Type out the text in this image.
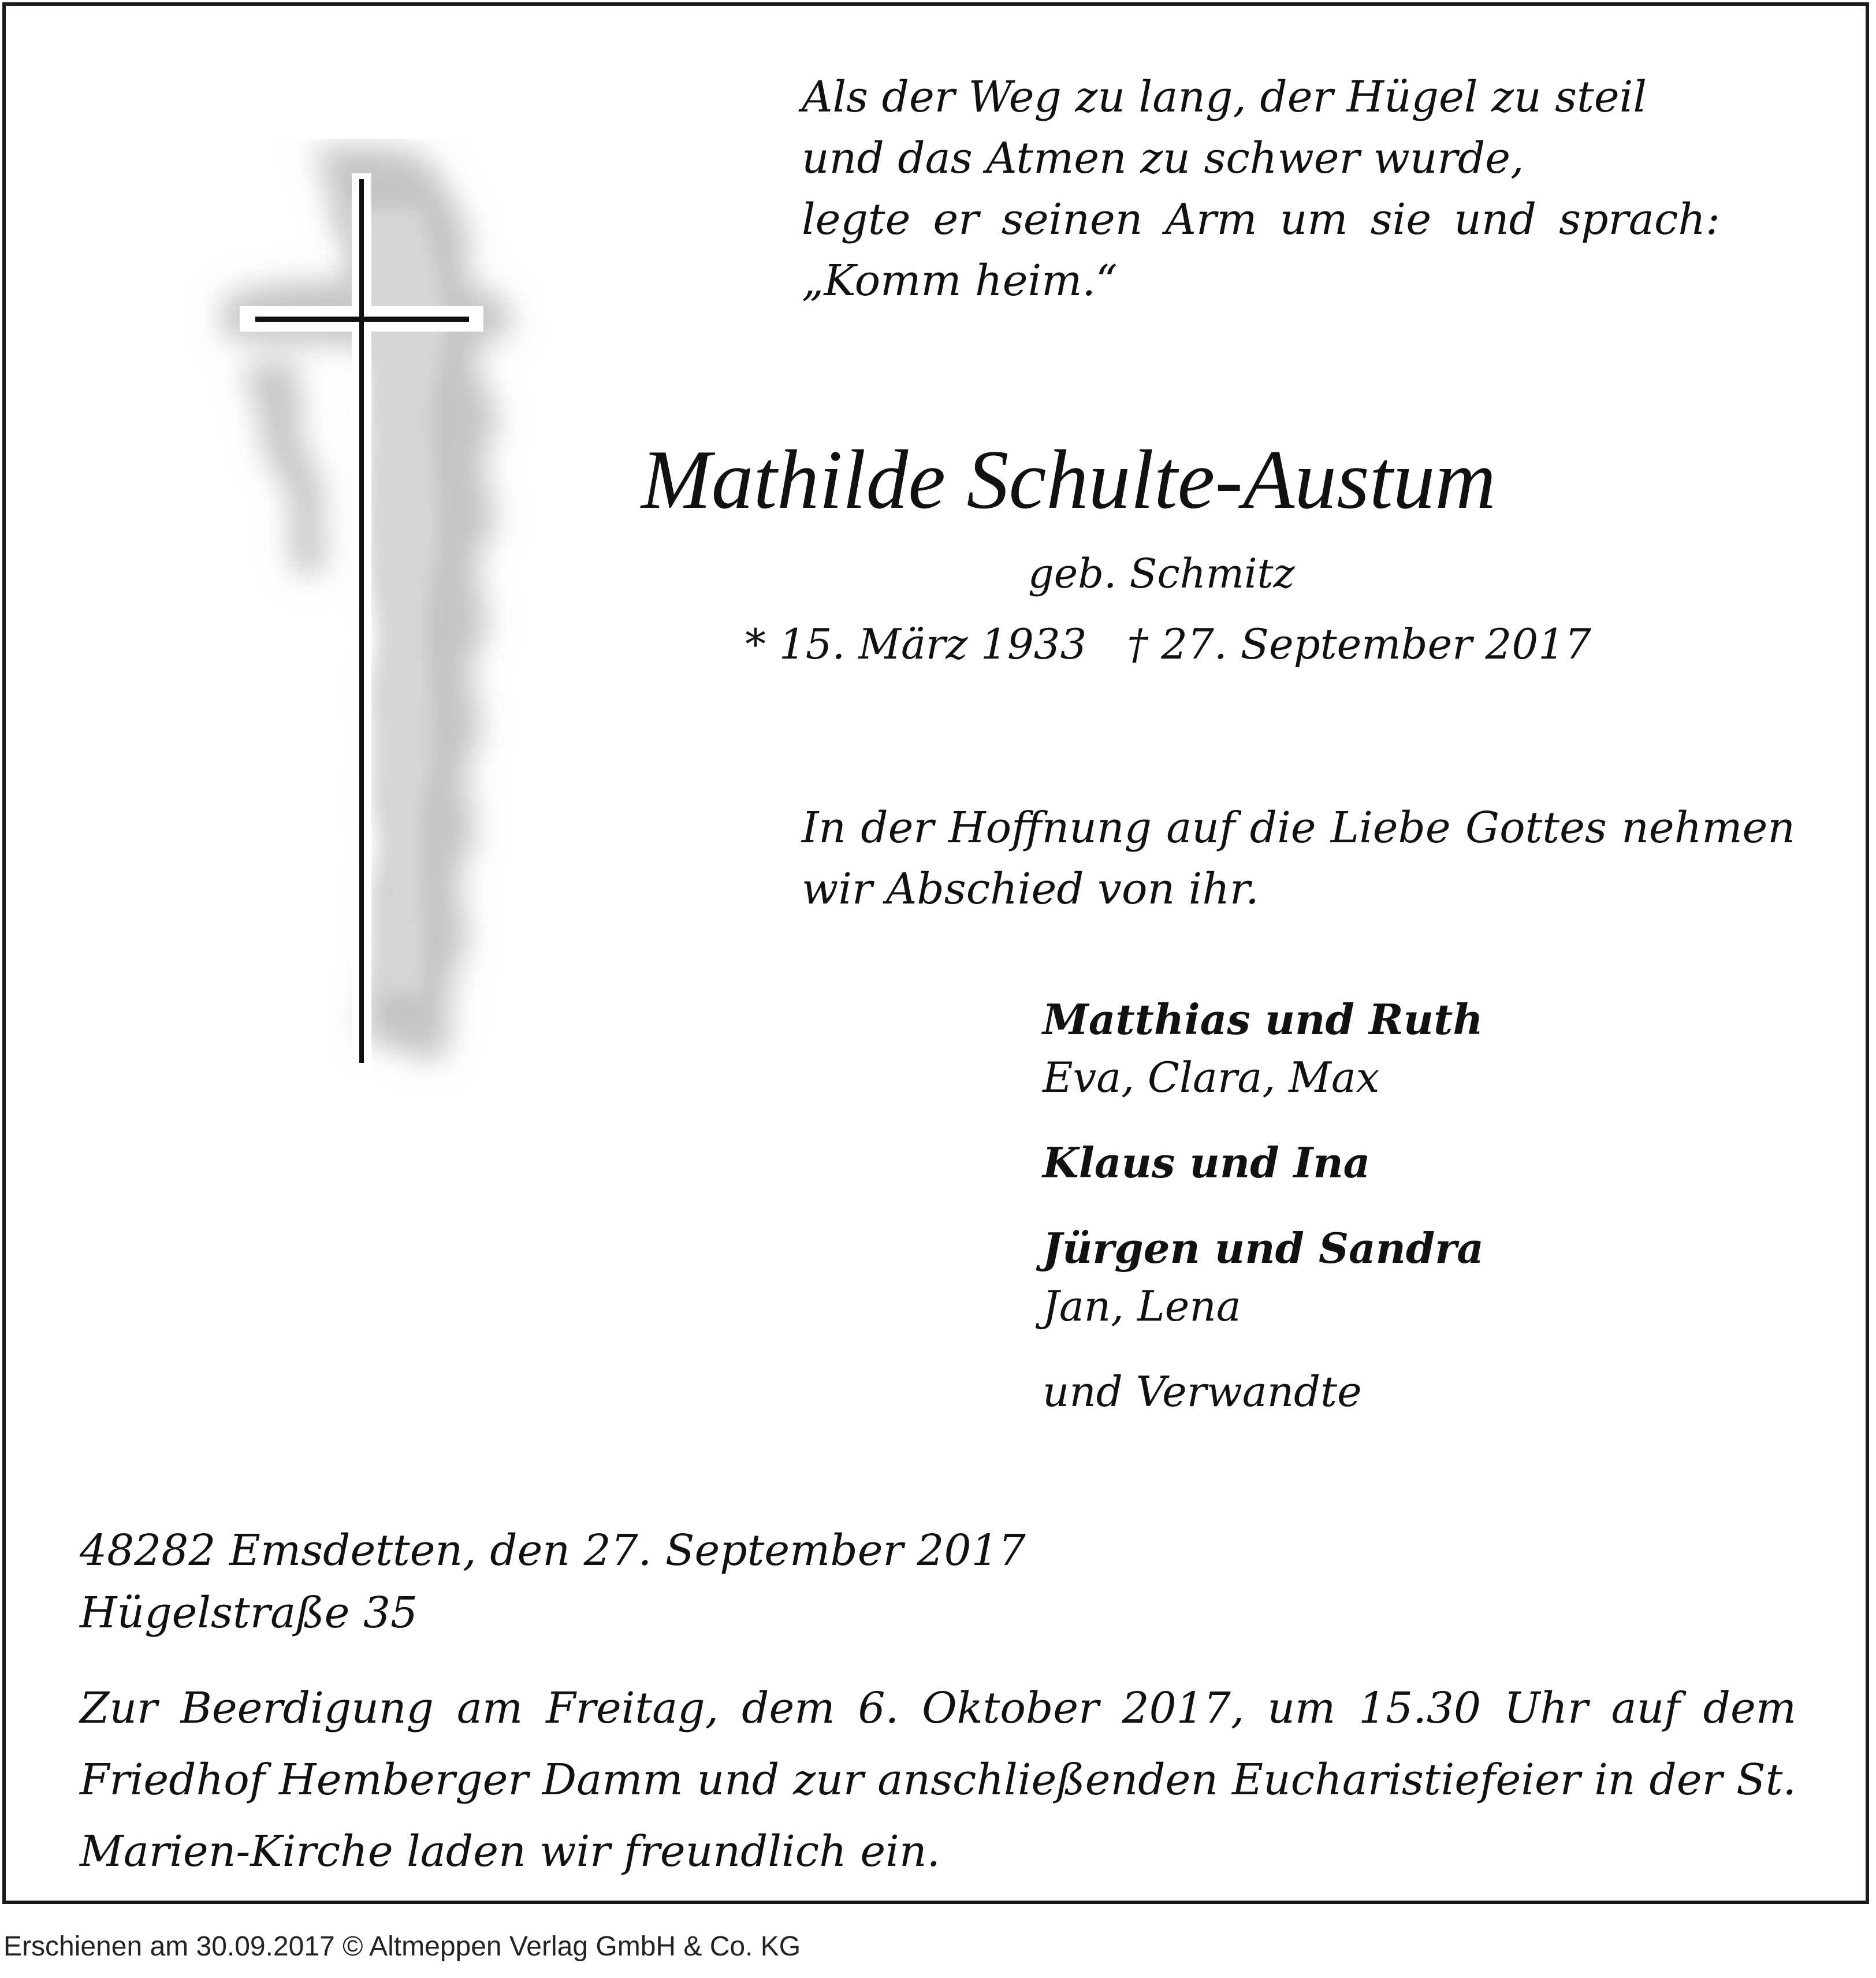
Als der Weg zu lang, der Hügel zu steil
und das Atmen zu schwer wurde,
legte er seinen Arm um sie und sprach:
„Komm heim.“
Mathilde Schulte-Austum
geb. Schmitz
* 15. März 1933 † 27. September 2017
In der Hoffnung auf die Liebe Gottes nehmen
wir Abschied von ihr.
Matthias und Ruth
Eva, Clara, Max
Klaus und Ina
Jürgen und Sandra
Jan, Lena
und Verwandte
48282 Emsdetten, den 27. September 2017
Hügelstraße 35
Zur Beerdigung am Freitag, dem 6. Oktober 2017, um 15.30 Uhr auf dem Friedhof Hemberger Damm und zur anschließenden Eucharistiefeier in der St. Marien-Kirche laden wir freundlich ein.
Erschienen am 30.09.2017 © Altmeppen Verlag GmbH & Co. KG
